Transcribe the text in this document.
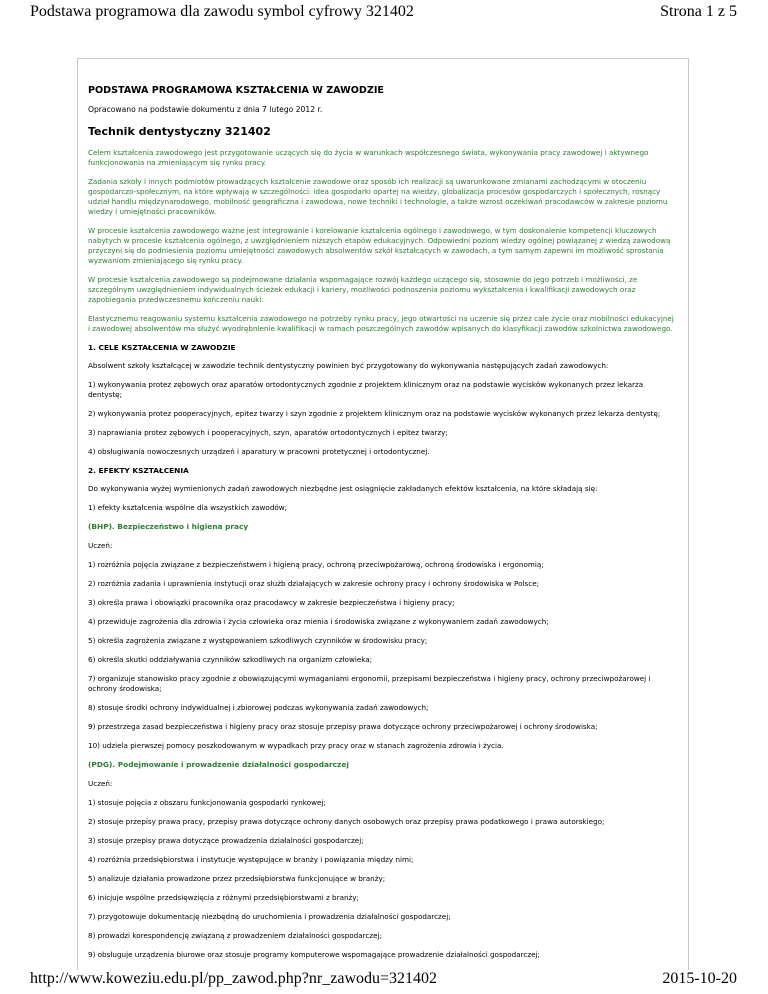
Podstawa programowa dla zawodu symbol cyfrowy 321402	Strona 1 z 5
PODSTAWA PROGRAMOWA KSZTAŁCENIA W ZAWODZIE
Opracowano na podstawie dokumentu z dnia 7 lutego 2012 r.
Technik dentystyczny 321402

Celem kształcenia zawodowego jest przygotowanie uczących się do życia w warunkach współczesnego świata, wykonywania pracy zawodowej i aktywnego funkcjonowania na zmieniającym się rynku pracy.

Zadania szkoły i innych podmiotów prowadzących kształcenie zawodowe oraz sposób ich realizacji są uwarunkowane zmianami zachodzącymi w otoczeniu gospodarczo-społecznym, na które wpływają w szczególności: idea gospodarki opartej na wiedzy, globalizacja procesów gospodarczych i społecznych, rosnący udział handlu międzynarodowego, mobilność geograficzna i zawodowa, nowe techniki i technologie, a także wzrost oczekiwań pracodawców w zakresie poziomu wiedzy i umiejętności pracowników.

W procesie kształcenia zawodowego ważne jest integrowanie i korelowanie kształcenia ogólnego i zawodowego, w tym doskonalenie kompetencji kluczowych nabytych w procesie kształcenia ogólnego, z uwzględnieniem niższych etapów edukacyjnych. Odpowiedni poziom wiedzy ogólnej powiązanej z wiedzą zawodową przyczyni się do podniesienia poziomu umiejętności zawodowych absolwentów szkół kształcących w zawodach, a tym samym zapewni im możliwość sprostania wyzwaniom zmieniającego się rynku pracy.

W procesie kształcenia zawodowego są podejmowane działania wspomagające rozwój każdego uczącego się, stosownie do jego potrzeb i możliwości, ze szczególnym uwzględnieniem indywidualnych ścieżek edukacji i kariery, możliwości podnoszenia poziomu wykształcenia i kwalifikacji zawodowych oraz zapobiegania przedwczesnemu kończeniu nauki.

Elastycznemu reagowaniu systemu kształcenia zawodowego na potrzeby rynku pracy, jego otwartości na uczenie się przez całe życie oraz mobilności edukacyjnej i zawodowej absolwentów ma służyć wyodrębnienie kwalifikacji w ramach poszczególnych zawodów wpisanych do klasyfikacji zawodów szkolnictwa zawodowego.

1. CELE KSZTAŁCENIA W ZAWODZIE

Absolwent szkoły kształcącej w zawodzie technik dentystyczny powinien być przygotowany do wykonywania następujących zadań zawodowych:

1) wykonywania protez zębowych oraz aparatów ortodontycznych zgodnie z projektem klinicznym oraz na podstawie wycisków wykonanych przez lekarza dentystę;

2) wykonywania protez pooperacyjnych, epitez twarzy i szyn zgodnie z projektem klinicznym oraz na podstawie wycisków wykonanych przez lekarza dentystę;

3) naprawiania protez zębowych i pooperacyjnych, szyn, aparatów ortodontycznych i epitez twarzy;

4) obsługiwania nowoczesnych urządzeń i aparatury w pracowni protetycznej i ortodontycznej.

2. EFEKTY KSZTAŁCENIA

Do wykonywania wyżej wymienionych zadań zawodowych niezbędne jest osiągnięcie zakładanych efektów kształcenia, na które składają się:

1) efekty kształcenia wspólne dla wszystkich zawodów;

(BHP). Bezpieczeństwo i higiena pracy

Uczeń:

1) rozróżnia pojęcia związane z bezpieczeństwem i higieną pracy, ochroną przeciwpożarową, ochroną środowiska i ergonomią;

2) rozróżnia zadania i uprawnienia instytucji oraz służb działających w zakresie ochrony pracy i ochrony środowiska w Polsce;

3) określa prawa i obowiązki pracownika oraz pracodawcy w zakresie bezpieczeństwa i higieny pracy;

4) przewiduje zagrożenia dla zdrowia i życia człowieka oraz mienia i środowiska związane z wykonywaniem zadań zawodowych;

5) określa zagrożenia związane z występowaniem szkodliwych czynników w środowisku pracy;

6) określa skutki oddziaływania czynników szkodliwych na organizm człowieka;

7) organizuje stanowisko pracy zgodnie z obowiązującymi wymaganiami ergonomii, przepisami bezpieczeństwa i higieny pracy, ochrony przeciwpożarowej i ochrony środowiska;

8) stosuje środki ochrony indywidualnej i zbiorowej podczas wykonywania zadań zawodowych;

9) przestrzega zasad bezpieczeństwa i higieny pracy oraz stosuje przepisy prawa dotyczące ochrony przeciwpożarowej i ochrony środowiska;

10) udziela pierwszej pomocy poszkodowanym w wypadkach przy pracy oraz w stanach zagrożenia zdrowia i życia.

(PDG). Podejmowanie i prowadzenie działalności gospodarczej

Uczeń:

1) stosuje pojęcia z obszaru funkcjonowania gospodarki rynkowej;

2) stosuje przepisy prawa pracy, przepisy prawa dotyczące ochrony danych osobowych oraz przepisy prawa podatkowego i prawa autorskiego;

3) stosuje przepisy prawa dotyczące prowadzenia działalności gospodarczej;

4) rozróżnia przedsiębiorstwa i instytucje występujące w branży i powiązania między nimi;

5) analizuje działania prowadzone przez przedsiębiorstwa funkcjonujące w branży;

6) inicjuje wspólne przedsięwzięcia z różnymi przedsiębiorstwami z branży;

7) przygotowuje dokumentację niezbędną do uruchomienia i prowadzenia działalności gospodarczej;

8) prowadzi korespondencję związaną z prowadzeniem działalności gospodarczej;

9) obsługuje urządzenia biurowe oraz stosuje programy komputerowe wspomagające prowadzenie działalności gospodarczej;

http://www.koweziu.edu.pl/pp_zawod.php?nr_zawodu=321402	2015-10-20
